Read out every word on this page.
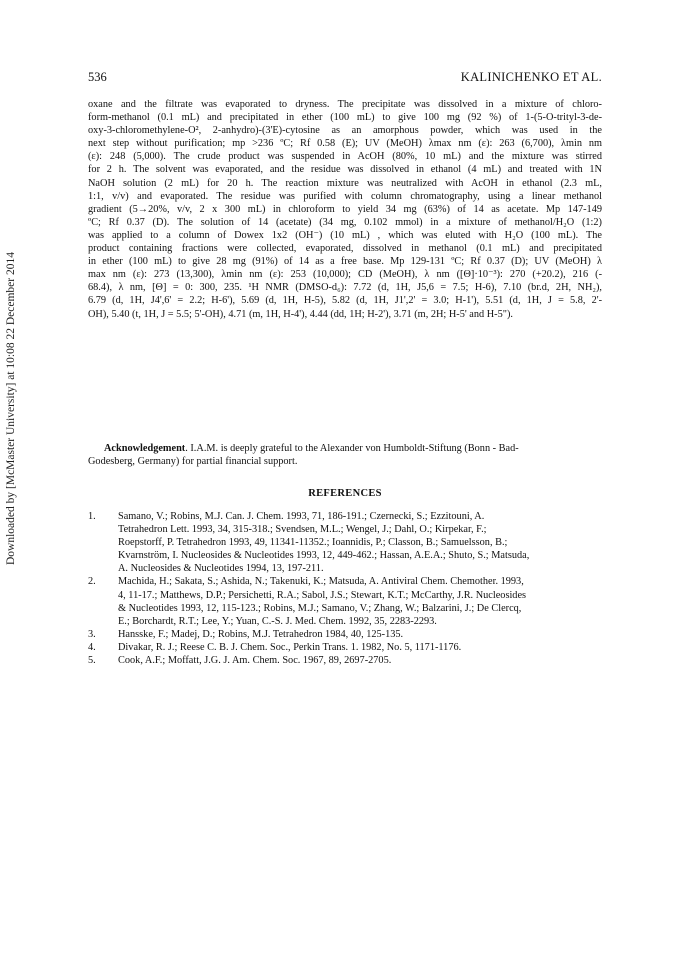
Downloaded by [McMaster University] at 10:08 22 December 2014
536	KALINICHENKO ET AL.
oxane and the filtrate was evaporated to dryness. The precipitate was dissolved in a mixture of chloro-
form-methanol (0.1 mL) and precipitated in ether (100 mL) to give 100 mg (92 %) of 1-(5-O-trityl-3-de-
oxy-3-chloromethylene-O², 2-anhydro)-(3'E)-cytosine as an amorphous powder, which was used in the
next step without purification; mp >236 ºC; Rf 0.58 (E); UV (MeOH) λmax nm (ε): 263 (6,700), λmin nm
(ε): 248 (5,000). The crude product was suspended in AcOH (80%, 10 mL) and the mixture was stirred
for 2 h. The solvent was evaporated, and the residue was dissolved in ethanol (4 mL) and treated with 1N
NaOH solution (2 mL) for 20 h. The reaction mixture was neutralized with AcOH in ethanol (2.3 mL,
1:1, v/v) and evaporated. The residue was purified with column chromatography, using a linear methanol
gradient (5→20%, v/v, 2 x 300 mL) in chloroform to yield 34 mg (63%) of 14 as acetate. Mp 147-149
ºC; Rf 0.37 (D). The solution of 14 (acetate) (34 mg, 0.102 mmol) in a mixture of methanol/H₂O (1:2)
was applied to a column of Dowex 1x2 (OH⁻) (10 mL) , which was eluted with H₂O (100 mL). The
product containing fractions were collected, evaporated, dissolved in methanol (0.1 mL) and precipitated
in ether (100 mL) to give 28 mg (91%) of 14 as a free base. Mp 129-131 ºC; Rf 0.37 (D); UV (MeOH) λ
max nm (ε): 273 (13,300), λmin nm (ε): 253 (10,000); CD (MeOH), λ nm ([Θ]·10⁻³): 270 (+20.2), 216 (-
68.4), λ nm, [Θ] = 0: 300, 235. ¹H NMR (DMSO-d₆): 7.72 (d, 1H, J5,6 = 7.5; H-6), 7.10 (br.d, 2H, NH₂),
6.79 (d, 1H, J4',6' = 2.2; H-6'), 5.69 (d, 1H, H-5), 5.82 (d, 1H, J1',2' = 3.0; H-1'), 5.51 (d, 1H, J = 5.8, 2'-
OH), 5.40 (t, 1H, J = 5.5; 5'-OH), 4.71 (m, 1H, H-4'), 4.44 (dd, 1H; H-2'), 3.71 (m, 2H; H-5' and H-5").
Acknowledgement. I.A.M. is deeply grateful to the Alexander von Humboldt-Stiftung (Bonn - Bad-
Godesberg, Germany) for partial financial support.
REFERENCES
1. Samano, V.; Robins, M.J. Can. J. Chem. 1993, 71, 186-191.; Czernecki, S.; Ezzitouni, A.
Tetrahedron Lett. 1993, 34, 315-318.; Svendsen, M.L.; Wengel, J.; Dahl, O.; Kirpekar, F.;
Roepstorff, P. Tetrahedron 1993, 49, 11341-11352.; Ioannidis, P.; Classon, B.; Samuelsson, B.;
Kvarnström, I. Nucleosides & Nucleotides 1993, 12, 449-462.; Hassan, A.E.A.; Shuto, S.; Matsuda,
A. Nucleosides & Nucleotides 1994, 13, 197-211.
2. Machida, H.; Sakata, S.; Ashida, N.; Takenuki, K.; Matsuda, A. Antiviral Chem. Chemother. 1993,
4, 11-17.; Matthews, D.P.; Persichetti, R.A.; Sabol, J.S.; Stewart, K.T.; McCarthy, J.R. Nucleosides
& Nucleotides 1993, 12, 115-123.; Robins, M.J.; Samano, V.; Zhang, W.; Balzarini, J.; De Clercq,
E.; Borchardt, R.T.; Lee, Y.; Yuan, C.-S. J. Med. Chem. 1992, 35, 2283-2293.
3. Hansske, F.; Madej, D.; Robins, M.J. Tetrahedron 1984, 40, 125-135.
4. Divakar, R. J.; Reese C. B. J. Chem. Soc., Perkin Trans. 1. 1982, No. 5, 1171-1176.
5. Cook, A.F.; Moffatt, J.G. J. Am. Chem. Soc. 1967, 89, 2697-2705.
